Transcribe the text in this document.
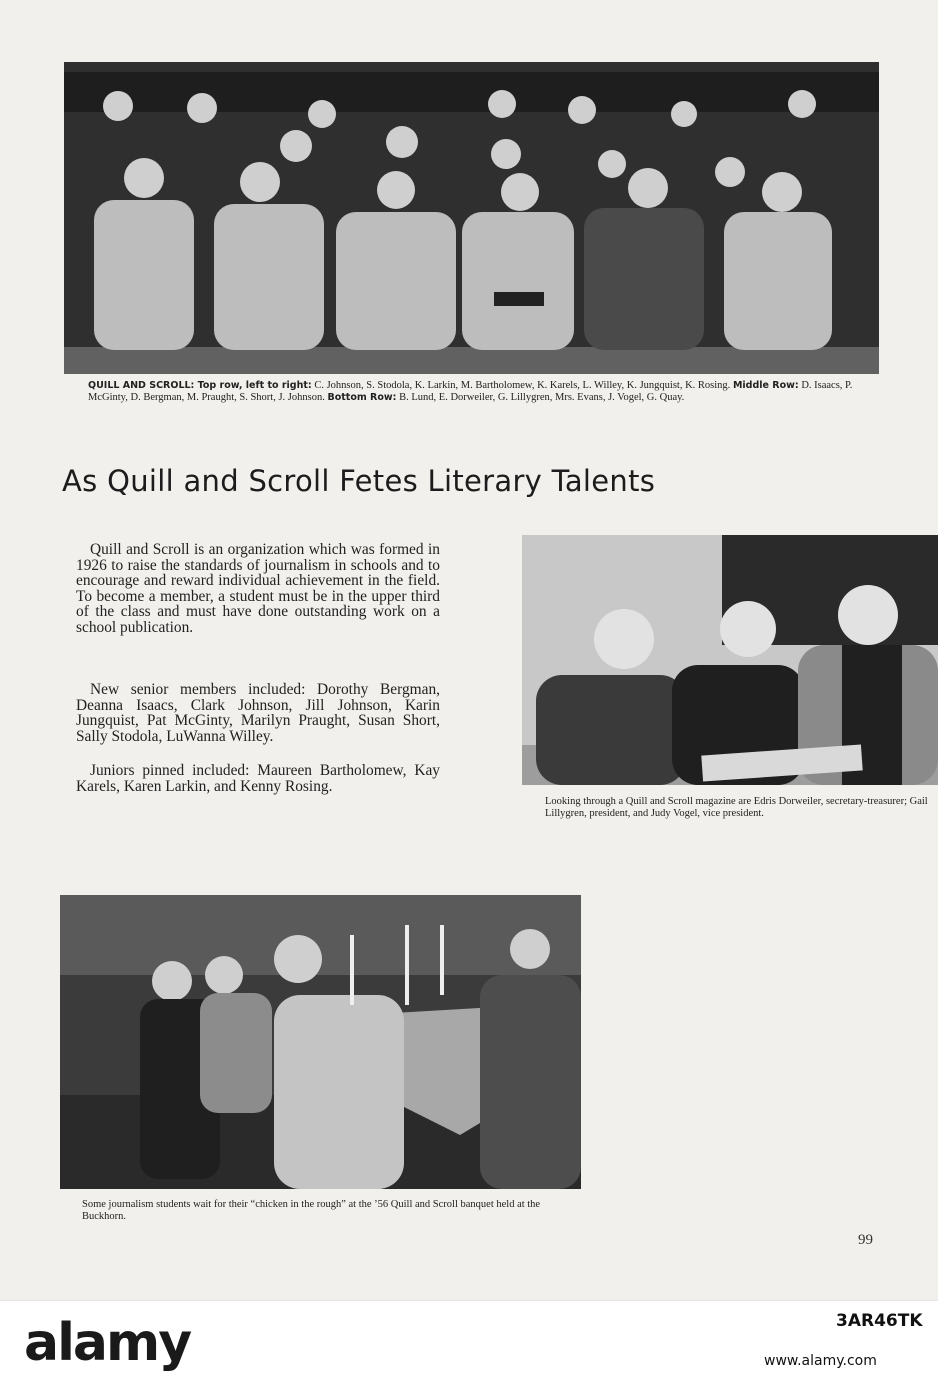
QUILL AND SCROLL: Top row, left to right: C. Johnson, S. Stodola, K. Larkin, M. Bartholomew, K. Karels, L. Willey, K. Jungquist, K. Rosing. Middle Row: D. Isaacs, P. McGinty, D. Bergman, M. Praught, S. Short, J. Johnson. Bottom Row: B. Lund, E. Dorweiler, G. Lillygren, Mrs. Evans, J. Vogel, G. Quay.
As Quill and Scroll Fetes Literary Talents

Quill and Scroll is an organization which was formed in 1926 to raise the standards of journalism in schools and to encourage and reward individual achievement in the field. To become a member, a student must be in the upper third of the class and must have done outstanding work on a school publication.

New senior members included: Dorothy Bergman, Deanna Isaacs, Clark Johnson, Jill Johnson, Karin Jungquist, Pat McGinty, Marilyn Praught, Susan Short, Sally Stodola, LuWanna Willey.

Juniors pinned included: Maureen Bartholomew, Kay Karels, Karen Larkin, and Kenny Rosing.

Looking through a Quill and Scroll magazine are Edris Dorweiler, secretary-treasurer; Gail Lillygren, president, and Judy Vogel, vice president.
Some journalism students wait for their “chicken in the rough” at the ’56 Quill and Scroll banquet held at the Buckhorn.
99
alamy	3AR46TK
www.alamy.com
